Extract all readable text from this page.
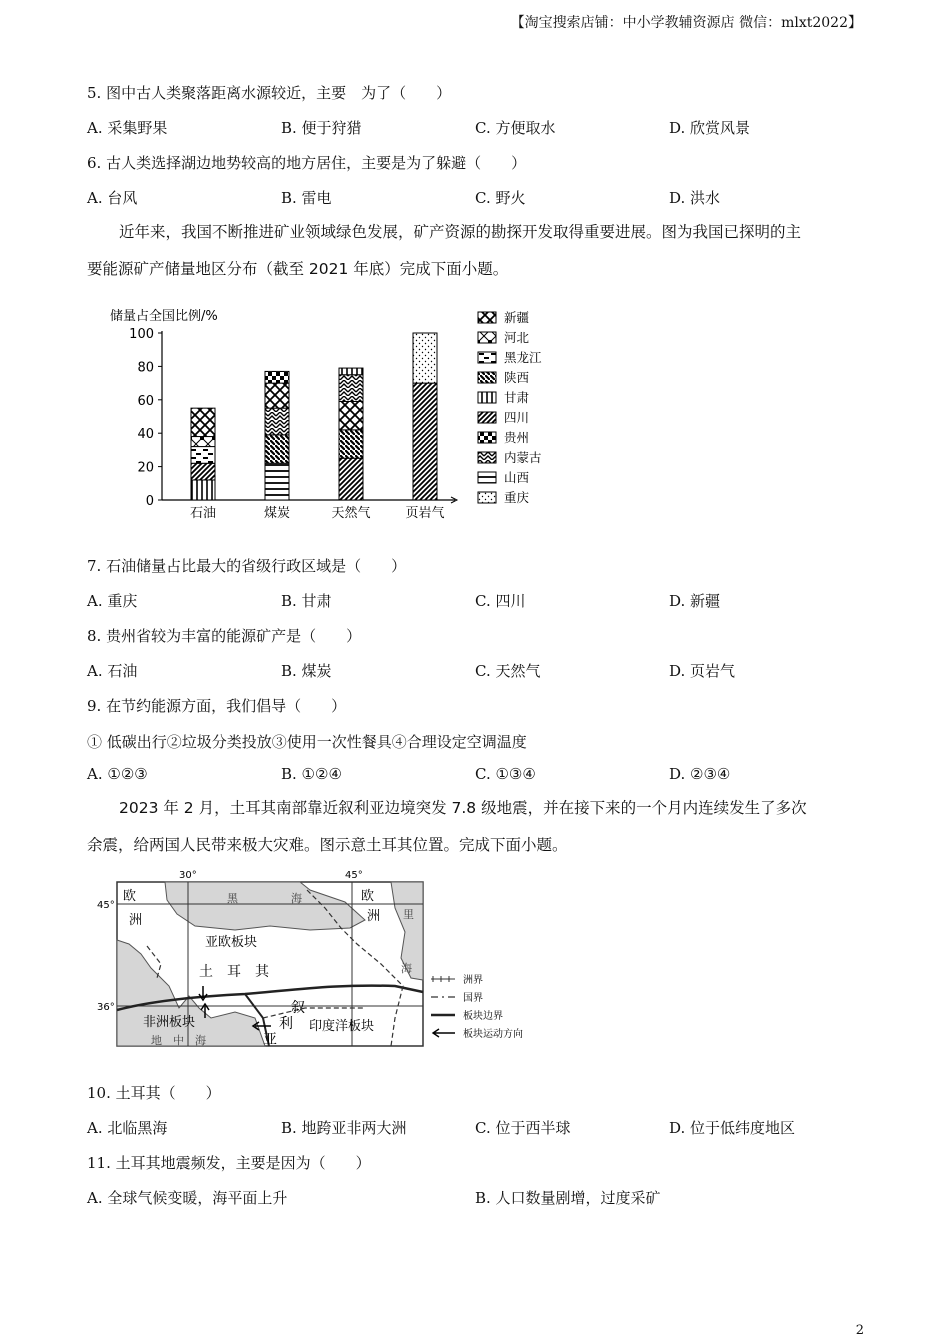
【淘宝搜索店铺：中小学教辅资源店 微信：mlxt2022】
5. 图中古人类聚落距离水源较近，主要　为了（　　）
A. 采集野果	B. 便于狩猎	C. 方便取水	D. 欣赏风景
6. 古人类选择湖边地势较高的地方居住，主要是为了躲避（　　）
A. 台风	B. 雷电	C. 野火	D. 洪水
近年来，我国不断推进矿业领域绿色发展，矿产资源的勘探开发取得重要进展。图为我国已探明的主
要能源矿产储量地区分布（截至 2021 年底）完成下面小题。
储量占全国比例/%
0
20
40
60
80
100
石油	煤炭	天然气	页岩气
新疆
河北
黑龙江
陕西
甘肃
四川
贵州
内蒙古
山西
重庆
7. 石油储量占比最大的省级行政区域是（　　）
A. 重庆	B. 甘肃	C. 四川	D. 新疆
8. 贵州省较为丰富的能源矿产是（　　）
A. 石油	B. 煤炭	C. 天然气	D. 页岩气
9. 在节约能源方面，我们倡导（　　）
① 低碳出行②垃圾分类投放③使用一次性餐具④合理设定空调温度
A. ①②③	B. ①②④	C. ①③④	D. ②③④
2023 年 2 月，土耳其南部靠近叙利亚边境突发 7.8 级地震，并在接下来的一个月内连续发生了多次
余震，给两国人民带来极大灾难。图示意土耳其位置。完成下面小题。
30°	45°
45°
36°
欧
洲
欧
洲
黑	海
里
海
亚欧板块
土　耳　其
非洲板块
地　中　海
叙
利
亚
印度洋板块
洲界
国界
板块边界
板块运动方向
10. 土耳其（　　）
A. 北临黑海	B. 地跨亚非两大洲	C. 位于西半球	D. 位于低纬度地区
11. 土耳其地震频发，主要是因为（　　）
A. 全球气候变暖，海平面上升	B. 人口数量剧增，过度采矿
2
